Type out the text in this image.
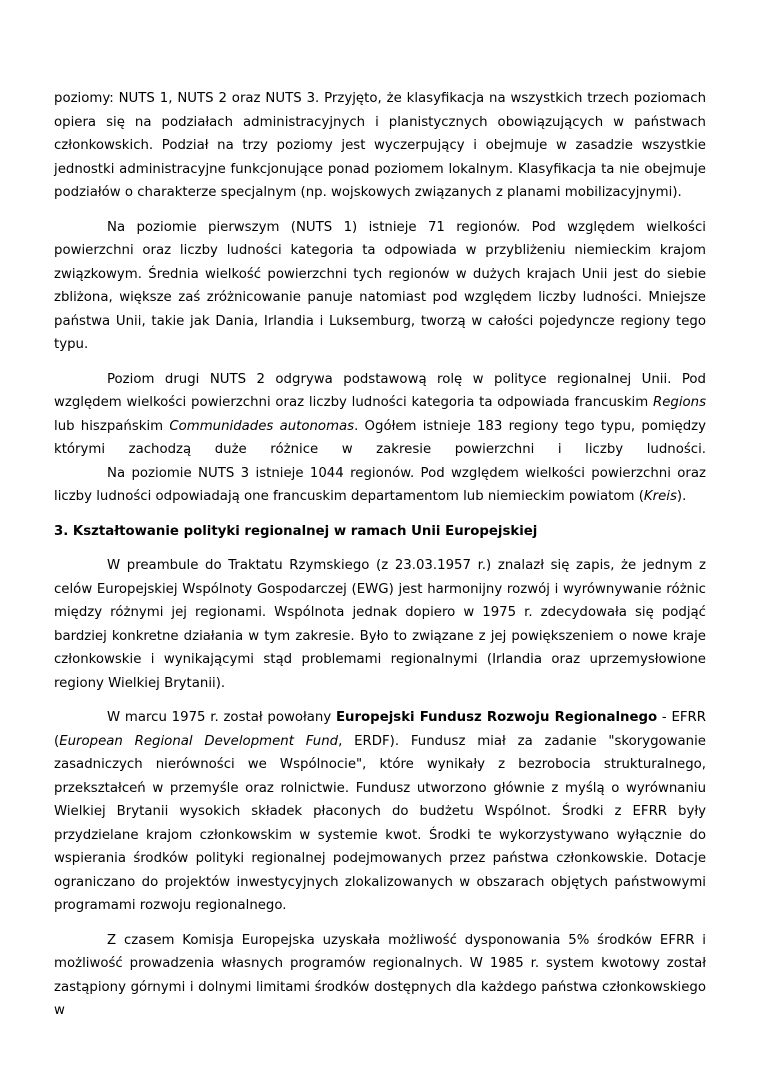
poziomy: NUTS 1, NUTS 2 oraz NUTS 3. Przyjęto, że klasyfikacja na wszystkich trzech poziomach opiera się na podziałach administracyjnych i planistycznych obowiązujących w państwach członkowskich. Podział na trzy poziomy jest wyczerpujący i obejmuje w zasadzie wszystkie jednostki administracyjne funkcjonujące ponad poziomem lokalnym. Klasyfikacja ta nie obejmuje podziałów o charakterze specjalnym (np. wojskowych związanych z planami mobilizacyjnymi).

Na poziomie pierwszym (NUTS 1) istnieje 71 regionów. Pod względem wielkości powierzchni oraz liczby ludności kategoria ta odpowiada w przybliżeniu niemieckim krajom związkowym. Średnia wielkość powierzchni tych regionów w dużych krajach Unii jest do siebie zbliżona, większe zaś zróżnicowanie panuje natomiast pod względem liczby ludności. Mniejsze państwa Unii, takie jak Dania, Irlandia i Luksemburg, tworzą w całości pojedyncze regiony tego typu.

Poziom drugi NUTS 2 odgrywa podstawową rolę w polityce regionalnej Unii. Pod względem wielkości powierzchni oraz liczby ludności kategoria ta odpowiada francuskim Regions lub hiszpańskim Communidades autonomas. Ogółem istnieje 183 regiony tego typu, pomiędzy którymi zachodzą duże różnice w zakresie powierzchni i liczby ludności.

Na poziomie NUTS 3 istnieje 1044 regionów. Pod względem wielkości powierzchni oraz liczby ludności odpowiadają one francuskim departamentom lub niemieckim powiatom (Kreis).

3. Kształtowanie polityki regionalnej w ramach Unii Europejskiej

W preambule do Traktatu Rzymskiego (z 23.03.1957 r.) znalazł się zapis, że jednym z celów Europejskiej Wspólnoty Gospodarczej (EWG) jest harmonijny rozwój i wyrównywanie różnic między różnymi jej regionami. Wspólnota jednak dopiero w 1975 r. zdecydowała się podjąć bardziej konkretne działania w tym zakresie. Było to związane z jej powiększeniem o nowe kraje członkowskie i wynikającymi stąd problemami regionalnymi (Irlandia oraz uprzemysłowione regiony Wielkiej Brytanii).

W marcu 1975 r. został powołany Europejski Fundusz Rozwoju Regionalnego - EFRR (European Regional Development Fund, ERDF). Fundusz miał za zadanie "skorygowanie zasadniczych nierówności we Wspólnocie", które wynikały z bezrobocia strukturalnego, przekształceń w przemyśle oraz rolnictwie. Fundusz utworzono głównie z myślą o wyrównaniu Wielkiej Brytanii wysokich składek płaconych do budżetu Wspólnot. Środki z EFRR były przydzielane krajom członkowskim w systemie kwot. Środki te wykorzystywano wyłącznie do wspierania środków polityki regionalnej podejmowanych przez państwa członkowskie. Dotacje ograniczano do projektów inwestycyjnych zlokalizowanych w obszarach objętych państwowymi programami rozwoju regionalnego.

Z czasem Komisja Europejska uzyskała możliwość dysponowania 5% środków EFRR i możliwość prowadzenia własnych programów regionalnych. W 1985 r. system kwotowy został zastąpiony górnymi i dolnymi limitami środków dostępnych dla każdego państwa członkowskiego w
